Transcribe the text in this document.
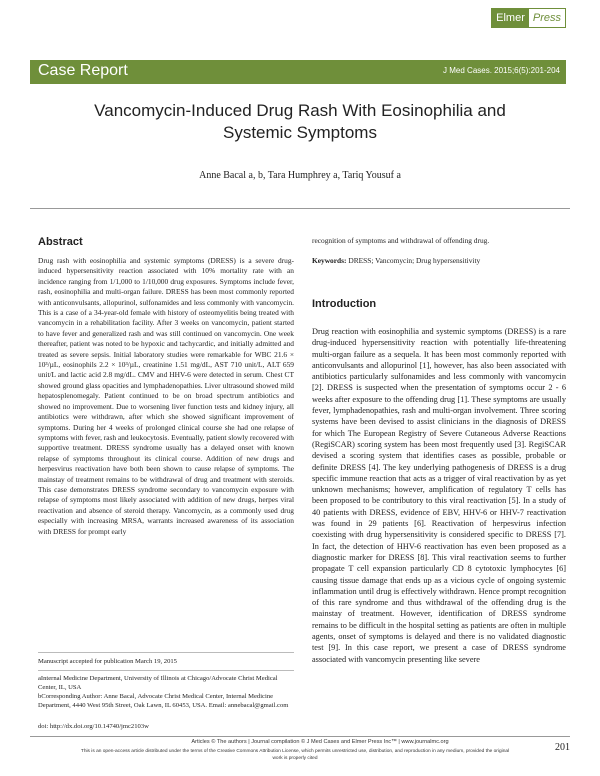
Elmer Press
Case Report	J Med Cases. 2015;6(5):201-204
Vancomycin-Induced Drug Rash With Eosinophilia and Systemic Symptoms
Anne Bacal a, b, Tara Humphrey a, Tariq Yousuf a
Abstract

Drug rash with eosinophilia and systemic symptoms (DRESS) is a severe drug-induced hypersensitivity reaction associated with 10% mortality rate with an incidence ranging from 1/1,000 to 1/10,000 drug exposures. Symptoms include fever, rash, eosinophilia and multi-organ failure. DRESS has been most commonly reported with anticonvulsants, allopurinol, sulfonamides and less commonly with vancomycin. This is a case of a 34-year-old female with history of osteomyelitis being treated with vancomycin in a rehabilitation facility. After 3 weeks on vancomycin, patient started to have fever and generalized rash and was still continued on vancomycin. One week thereafter, patient was noted to be hypoxic and tachycardic, and initially admitted and treated as severe sepsis. Initial laboratory studies were remarkable for WBC 21.6 × 10³/µL, eosinophils 2.2 × 10³/µL, creatinine 1.51 mg/dL, AST 710 unit/L, ALT 659 unit/L and lactic acid 2.8 mg/dL. CMV and HHV-6 were detected in serum. Chest CT showed ground glass opacities and lymphadenopathies. Liver ultrasound showed mild hepatosplenomegaly. Patient continued to be on broad spectrum antibiotics and showed no improvement. Due to worsening liver function tests and kidney injury, all antibiotics were withdrawn, after which she showed significant improvement of symptoms. During her 4 weeks of prolonged clinical course she had one relapse of symptoms with fever, rash and leukocytosis. Eventually, patient slowly recovered with supportive treatment. DRESS syndrome usually has a delayed onset with known relapse of symptoms throughout its clinical course. Addition of new drugs and herpesvirus reactivation have both been shown to cause relapse of symptoms. The mainstay of treatment remains to be withdrawal of drug and treatment with steroids. This case demonstrates DRESS syndrome secondary to vancomycin exposure with relapse of symptoms most likely associated with addition of new drugs, herpes viral reactivation and absence of steroid therapy. Vancomycin, as a commonly used drug especially with increasing MRSA, warrants increased awareness of its association with DRESS for prompt early

Manuscript accepted for publication March 19, 2015

aInternal Medicine Department, University of Illinois at Chicago/Advocate Christ Medical Center, IL, USA

bCorresponding Author: Anne Bacal, Advocate Christ Medical Center, Internal Medicine Department, 4440 West 95th Street, Oak Lawn, IL 60453, USA. Email: annebacal@gmail.com

doi: http://dx.doi.org/10.14740/jmc2103w

recognition of symptoms and withdrawal of offending drug.

Keywords: DRESS; Vancomycin; Drug hypersensitivity

Introduction

Drug reaction with eosinophilia and systemic symptoms (DRESS) is a rare drug-induced hypersensitivity reaction with potentially life-threatening multi-organ failure as a sequela. It has been most commonly reported with anticonvulsants and allopurinol [1], however, has also been associated with antibiotics particularly sulfonamides and less commonly with vancomycin [2]. DRESS is suspected when the presentation of symptoms occur 2 - 6 weeks after exposure to the offending drug [1]. These symptoms are usually fever, lymphadenopathies, rash and multi-organ involvement. Three scoring systems have been devised to assist clinicians in the diagnosis of DRESS for which The European Registry of Severe Cutaneous Adverse Reactions (RegiSCAR) scoring system has been most frequently used [3]. RegiSCAR devised a scoring system that identifies cases as possible, probable or definite DRESS [4]. The key underlying pathogenesis of DRESS is a drug specific immune reaction that acts as a trigger of viral reactivation by as yet unknown mechanisms; however, amplification of regulatory T cells has been proposed to be contributory to this viral reactivation [5]. In a study of 40 patients with DRESS, evidence of EBV, HHV-6 or HHV-7 reactivation was found in 29 patients [6]. Reactivation of herpesvirus infection coexisting with drug hypersensitivity is considered specific to DRESS [7]. In fact, the detection of HHV-6 reactivation has even been proposed as a diagnostic marker for DRESS [8]. This viral reactivation seems to further propagate T cell expansion particularly CD 8 cytotoxic lymphocytes [6] causing tissue damage that ends up as a vicious cycle of ongoing systemic inflammation until drug is effectively withdrawn. Hence prompt recognition of this rare syndrome and thus withdrawal of the offending drug is the mainstay of treatment. However, identification of DRESS syndrome remains to be difficult in the hospital setting as patients are often in multiple agents, onset of symptoms is delayed and there is no validated diagnostic test [9]. In this case report, we present a case of DRESS syndrome associated with vancomycin presenting like severe

Articles © The authors | Journal compilation © J Med Cases and Elmer Press Inc™ | www.journalmc.org
This is an open-access article distributed under the terms of the Creative Commons Attribution License, which permits unrestricted use, distribution, and reproduction in any medium, provided the original work is properly cited
201
